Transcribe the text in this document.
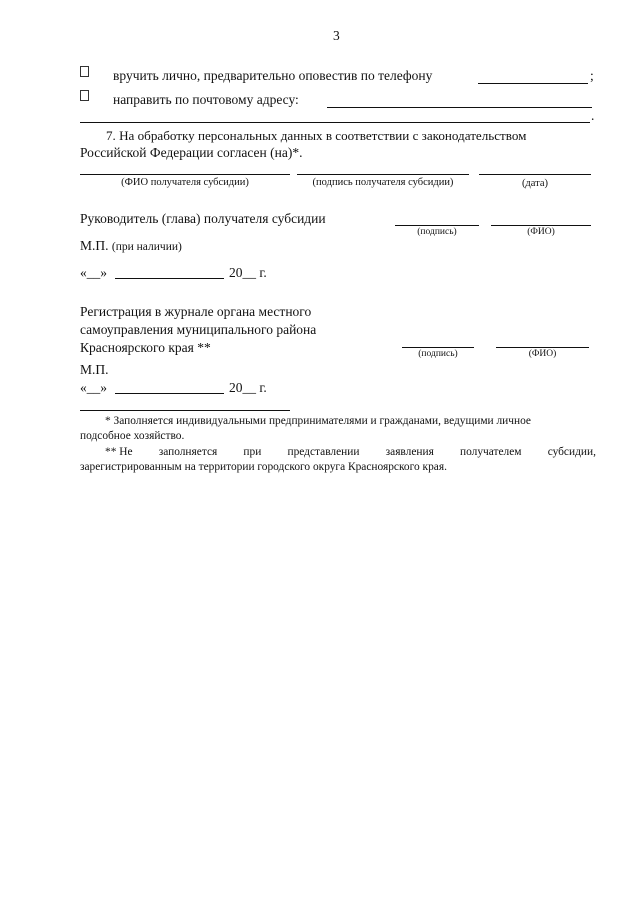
3
вручить лично, предварительно оповестив по телефону	;
направить по почтовому адресу:
.
7. На обработку персональных данных в соответствии с законодательством
Российской Федерации согласен (на)*.
(ФИО получателя субсидии)	(подпись получателя субсидии)	(дата)
Руководитель (глава) получателя субсидии
(подпись)	(ФИО)
М.П. (при наличии)
«__»	20__ г.
Регистрация в журнале органа местного
самоуправления муниципального района
Красноярского края **	(подпись)	(ФИО)
М.П.
«__»	20__ г.
* Заполняется индивидуальными предпринимателями и гражданами, ведущими личное
подсобное хозяйство.
** Не заполняется при представлении заявления получателем субсидии,
зарегистрированным на территории городского округа Красноярского края.
